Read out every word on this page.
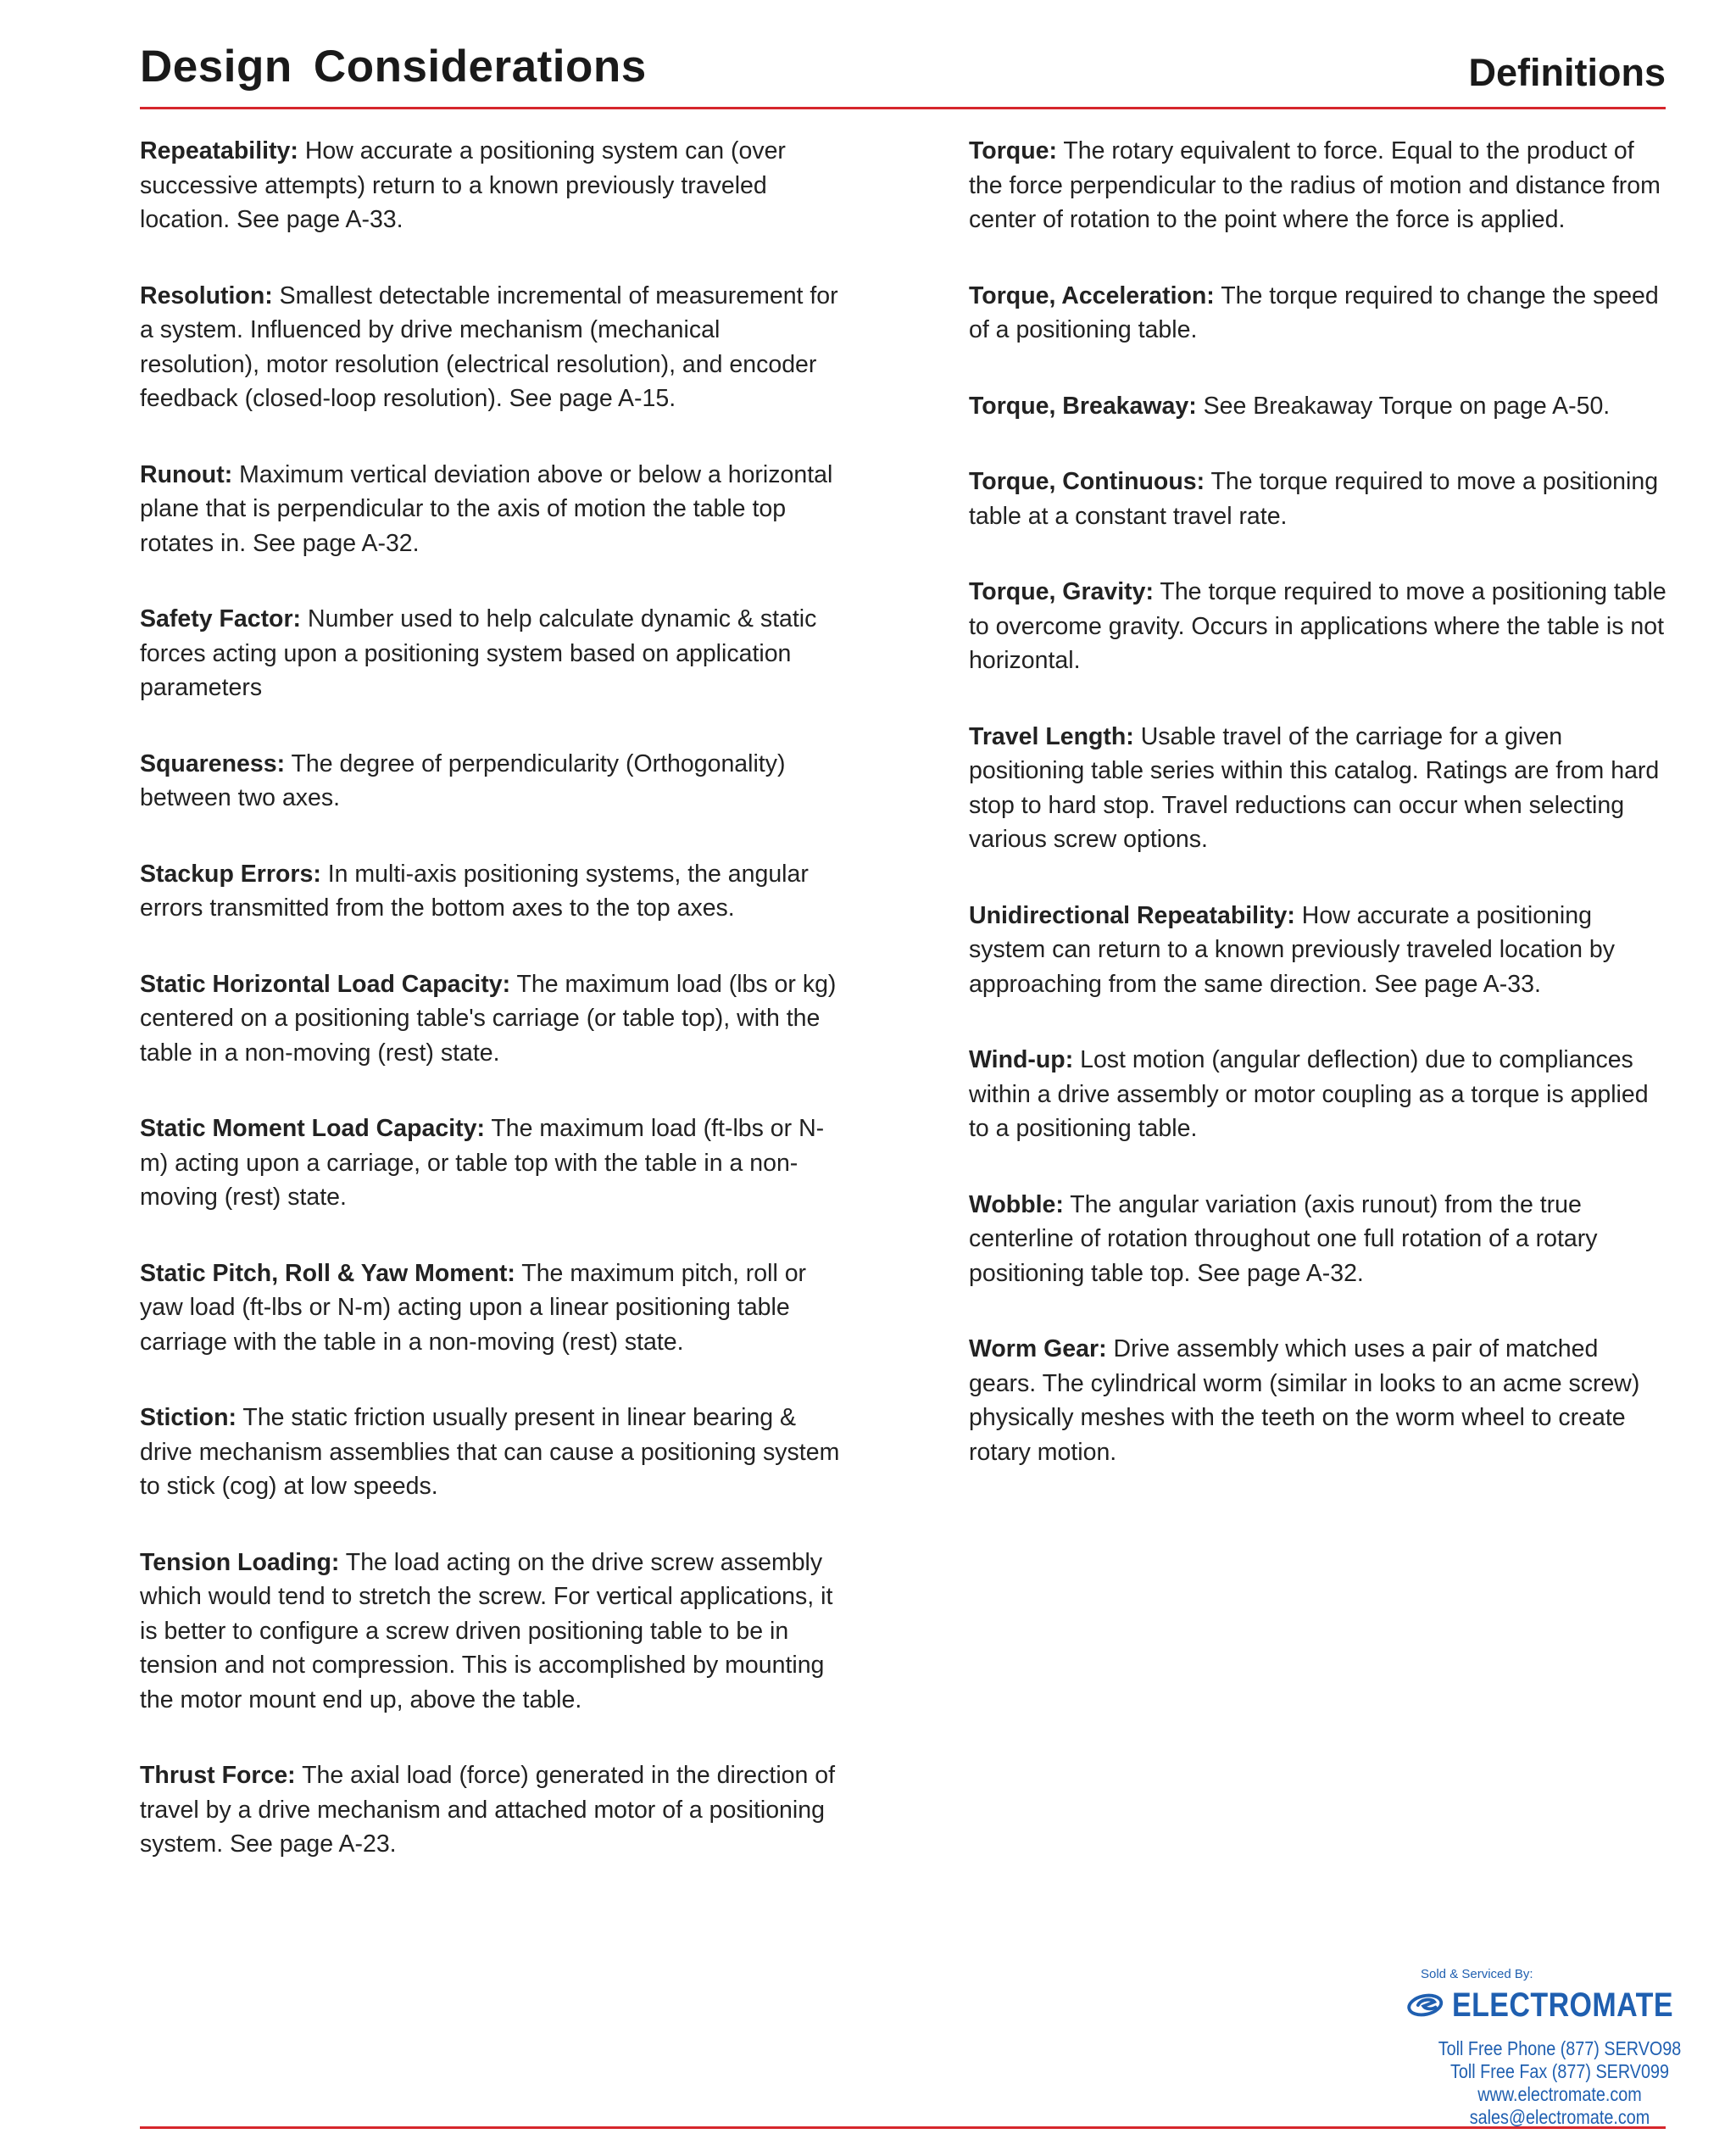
Design Considerations	Definitions

Repeatability: How accurate a positioning system can (over successive attempts) return to a known previously traveled location. See page A-33.

Resolution: Smallest detectable incremental of measurement for a system. Influenced by drive mechanism (mechanical resolution), motor resolution (electrical resolution), and encoder feedback (closed-loop resolution). See page A-15.

Runout: Maximum vertical deviation above or below a horizontal plane that is perpendicular to the axis of motion the table top rotates in. See page A-32.

Safety Factor: Number used to help calculate dynamic & static forces acting upon a positioning system based on application parameters

Squareness: The degree of perpendicularity (Orthogonality) between two axes.

Stackup Errors: In multi-axis positioning systems, the angular errors transmitted from the bottom axes to the top axes.

Static Horizontal Load Capacity: The maximum load (lbs or kg) centered on a positioning table's carriage (or table top), with the table in a non-moving (rest) state.

Static Moment Load Capacity: The maximum load (ft-lbs or N-m) acting upon a carriage, or table top with the table in a non-moving (rest) state.

Static Pitch, Roll & Yaw Moment: The maximum pitch, roll or yaw load (ft-lbs or N-m) acting upon a linear positioning table carriage with the table in a non-moving (rest) state.

Stiction: The static friction usually present in linear bearing & drive mechanism assemblies that can cause a positioning system to stick (cog) at low speeds.

Tension Loading: The load acting on the drive screw assembly which would tend to stretch the screw. For vertical applications, it is better to configure a screw driven positioning table to be in tension and not compression. This is accomplished by mounting the motor mount end up, above the table.

Thrust Force: The axial load (force) generated in the direction of travel by a drive mechanism and attached motor of a positioning system. See page A-23.

Torque: The rotary equivalent to force. Equal to the product of the force perpendicular to the radius of motion and distance from center of rotation to the point where the force is applied.

Torque, Acceleration: The torque required to change the speed of a positioning table.

Torque, Breakaway: See Breakaway Torque on page A-50.

Torque, Continuous: The torque required to move a positioning table at a constant travel rate.

Torque, Gravity: The torque required to move a positioning table to overcome gravity. Occurs in applications where the table is not horizontal.

Travel Length: Usable travel of the carriage for a given positioning table series within this catalog. Ratings are from hard stop to hard stop. Travel reductions can occur when selecting various screw options.

Unidirectional Repeatability: How accurate a positioning system can return to a known previously traveled location by approaching from the same direction. See page A-33.

Wind-up: Lost motion (angular deflection) due to compliances within a drive assembly or motor coupling as a torque is applied to a positioning table.

Wobble: The angular variation (axis runout) from the true centerline of rotation throughout one full rotation of a rotary positioning table top. See page A-32.

Worm Gear: Drive assembly which uses a pair of matched gears. The cylindrical worm (similar in looks to an acme screw) physically meshes with the teeth on the worm wheel to create rotary motion.

Sold & Serviced By:
ELECTROMATE
Toll Free Phone (877) SERVO98
Toll Free Fax (877) SERV099
www.electromate.com
sales@electromate.com
